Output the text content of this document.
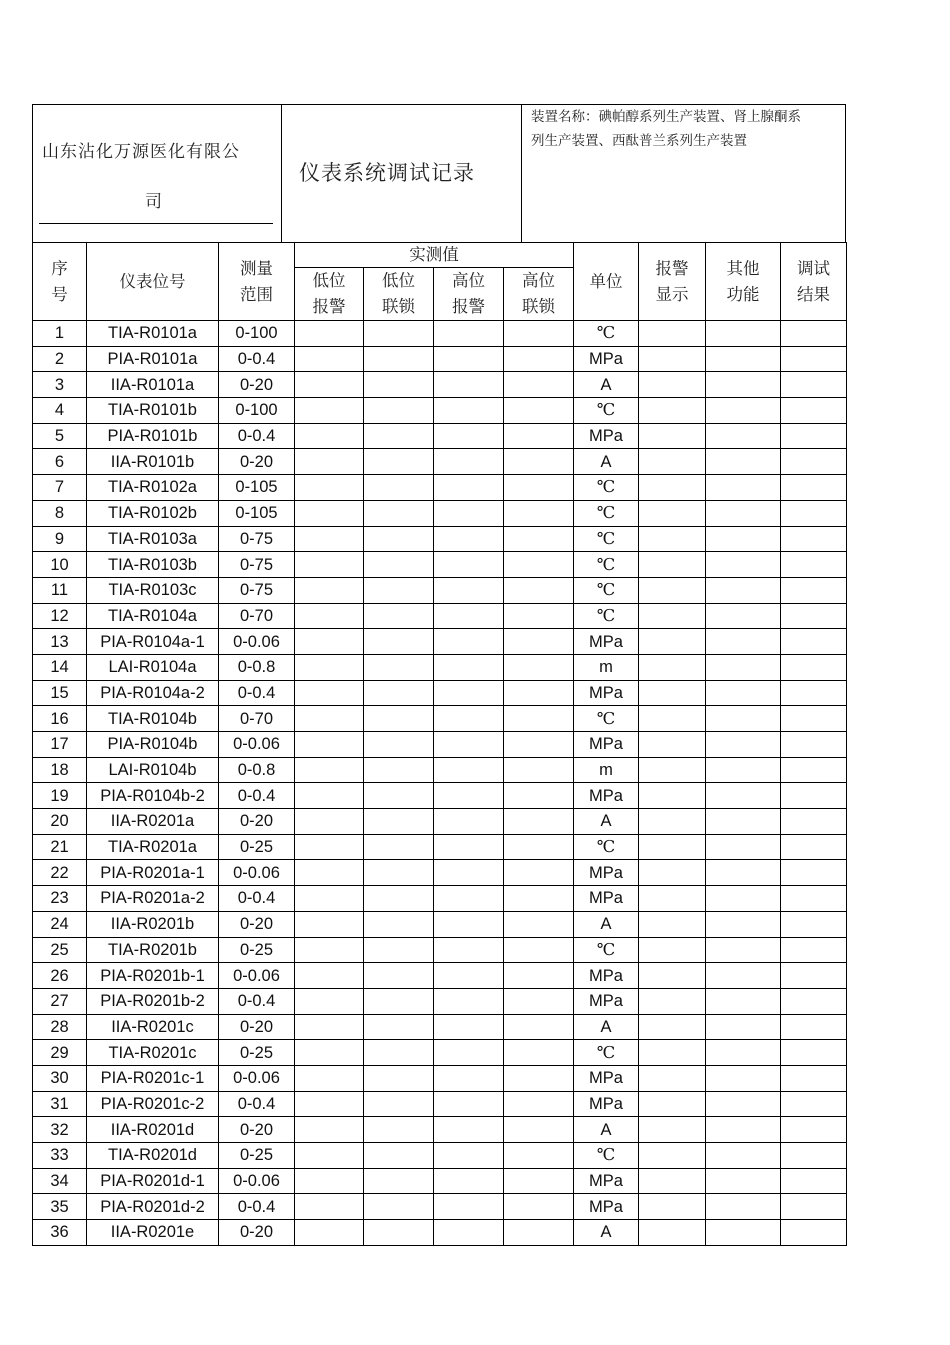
山东沾化万源医化有限公
司
仪表系统调试记录
装置名称：碘帕醇系列生产装置、肾上腺酮系列生产装置、西酞普兰系列生产装置
序号	仪表位号	测量范围	实测值				单位	报警显示	其他功能	调试结果
			低位报警	低位联锁	高位报警	高位联锁				
1	TIA-R0101a	0-100					℃			
2	PIA-R0101a	0-0.4					MPa			
3	IIA-R0101a	0-20					A			
4	TIA-R0101b	0-100					℃			
5	PIA-R0101b	0-0.4					MPa			
6	IIA-R0101b	0-20					A			
7	TIA-R0102a	0-105					℃			
8	TIA-R0102b	0-105					℃			
9	TIA-R0103a	0-75					℃			
10	TIA-R0103b	0-75					℃			
11	TIA-R0103c	0-75					℃			
12	TIA-R0104a	0-70					℃			
13	PIA-R0104a-1	0-0.06					MPa			
14	LAI-R0104a	0-0.8					m			
15	PIA-R0104a-2	0-0.4					MPa			
16	TIA-R0104b	0-70					℃			
17	PIA-R0104b	0-0.06					MPa			
18	LAI-R0104b	0-0.8					m			
19	PIA-R0104b-2	0-0.4					MPa			
20	IIA-R0201a	0-20					A			
21	TIA-R0201a	0-25					℃			
22	PIA-R0201a-1	0-0.06					MPa			
23	PIA-R0201a-2	0-0.4					MPa			
24	IIA-R0201b	0-20					A			
25	TIA-R0201b	0-25					℃			
26	PIA-R0201b-1	0-0.06					MPa			
27	PIA-R0201b-2	0-0.4					MPa			
28	IIA-R0201c	0-20					A			
29	TIA-R0201c	0-25					℃			
30	PIA-R0201c-1	0-0.06					MPa			
31	PIA-R0201c-2	0-0.4					MPa			
32	IIA-R0201d	0-20					A			
33	TIA-R0201d	0-25					℃			
34	PIA-R0201d-1	0-0.06					MPa			
35	PIA-R0201d-2	0-0.4					MPa			
36	IIA-R0201e	0-20					A			
